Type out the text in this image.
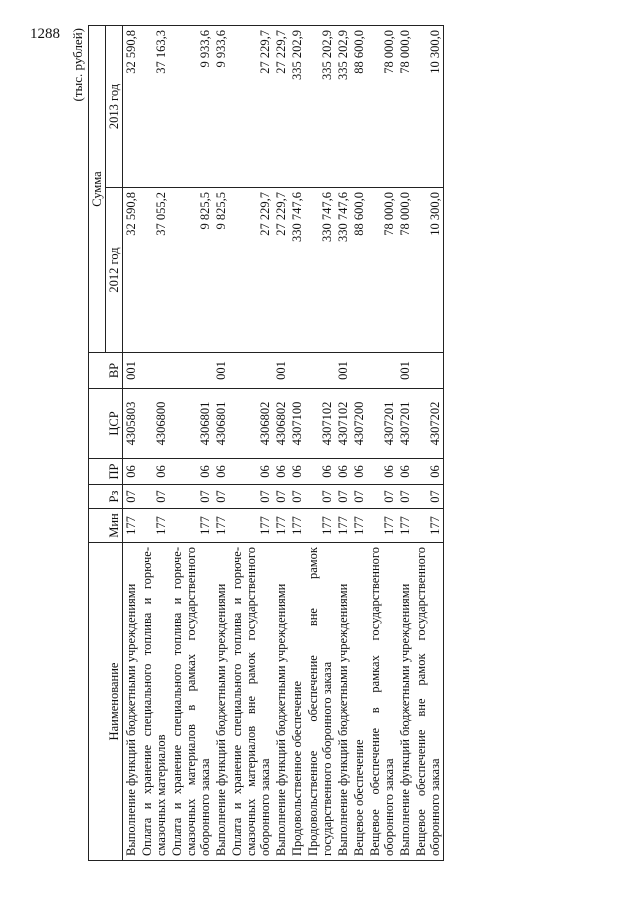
1288 (тыс. рублей)
Наименование	Мин	Рз	ПР	ЦСР	ВР	Сумма	
						2012 год	2013 год
Выполнение функций бюджетными учреждениями	177	07	06	4305803	001	32 590,8	32 590,8
Оплата и хранение специального топлива и горюче-смазочных материалов	177	07	06	4306800		37 055,2	37 163,3
Оплата и хранение специального топлива и горюче-смазочных материалов в рамках государственного оборонного заказа	177	07	06	4306801		9 825,5	9 933,6
Выполнение функций бюджетными учреждениями	177	07	06	4306801	001	9 825,5	9 933,6
Оплата и хранение специального топлива и горюче-смазочных материалов вне рамок государственного оборонного заказа	177	07	06	4306802		27 229,7	27 229,7
Выполнение функций бюджетными учреждениями	177	07	06	4306802	001	27 229,7	27 229,7
Продовольственное обеспечение	177	07	06	4307100		330 747,6	335 202,9
Продовольственное обеспечение вне рамок государственного оборонного заказа	177	07	06	4307102		330 747,6	335 202,9
Выполнение функций бюджетными учреждениями	177	07	06	4307102	001	330 747,6	335 202,9
Вещевое обеспечение	177	07	06	4307200		88 600,0	88 600,0
Вещевое обеспечение в рамках государственного оборонного заказа	177	07	06	4307201		78 000,0	78 000,0
Выполнение функций бюджетными учреждениями	177	07	06	4307201	001	78 000,0	78 000,0
Вещевое обеспечение вне рамок государственного оборонного заказа	177	07	06	4307202		10 300,0	10 300,0
